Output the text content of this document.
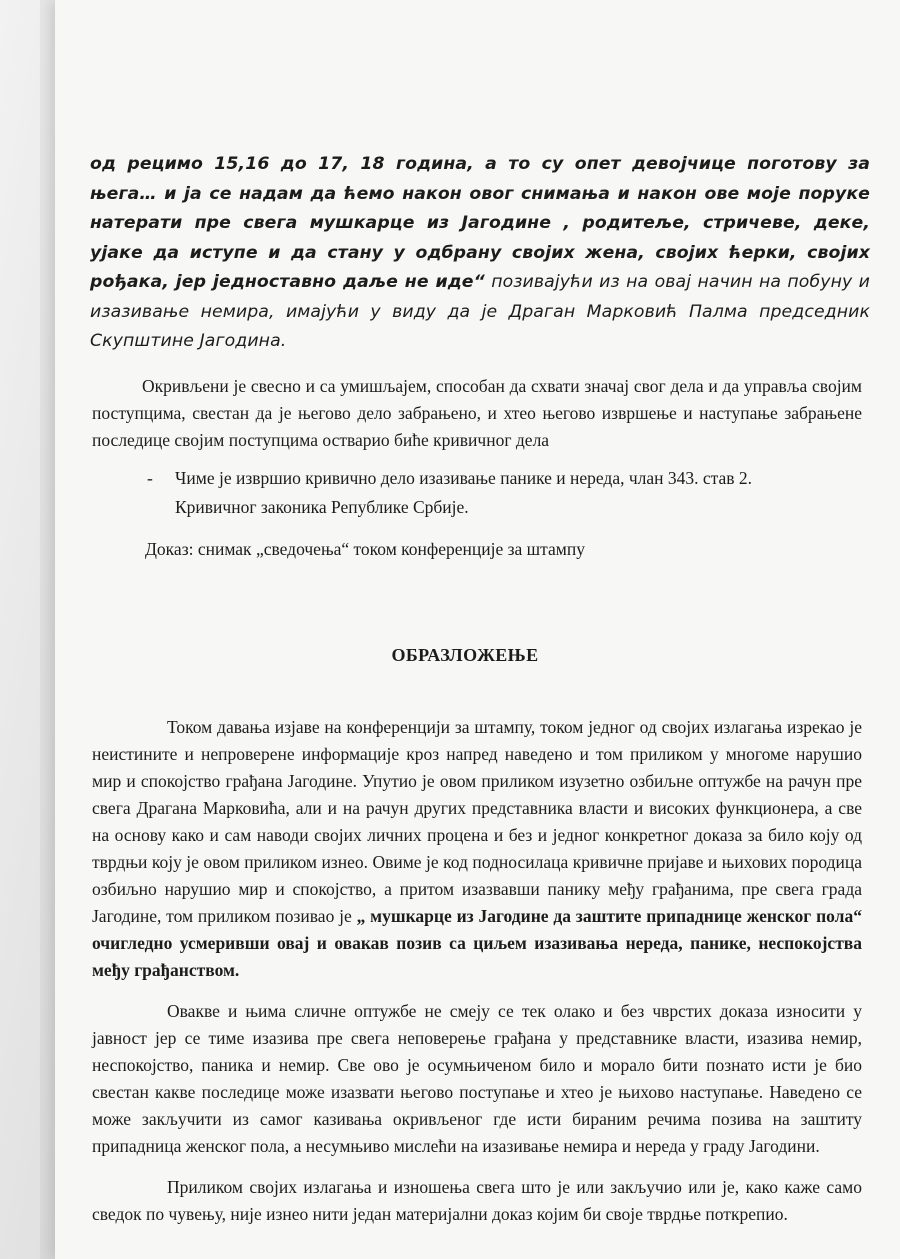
од рецимо 15,16 до 17, 18 година, а то су опет девојчице поготову за њега… и ја се надам да ћемо након овог снимања и након ове моје поруке натерати пре свега мушкарце из Јагодине , родитеље, стричеве, деке, ујаке да иступе и да стану у одбрану својих жена, својих ћерки, својих рођака, јер једноставно даље не иде“ позивајући из на овај начин на побуну и изазивање немира, имајући у виду да је Драган Марковић Палма председник Скупштине Јагодина.
Окривљени је свесно и са умишљајем, способан да схвати значај свог дела и да управља својим поступцима, свестан да је његово дело забрањено, и хтео његово извршење и наступање забрањене последице својим поступцима остварио биће кривичног дела
- Чиме је извршио кривично дело изазивање панике и нереда, члан 343. став 2. Кривичног законика Републике Србије.
Доказ: снимак „сведочења“ током конференције за штампу
ОБРАЗЛОЖЕЊЕ
Током давања изјаве на конференцији за штампу, током једног од својих излагања изрекао је неистините и непроверене информације кроз напред наведено и том приликом у многоме нарушио мир и спокојство грађана Јагодине. Упутио је овом приликом изузетно озбиљне оптужбе на рачун пре свега Драгана Марковића, али и на рачун других представника власти и високих функционера, а све на основу како и сам наводи својих личних процена и без и једног конкретног доказа за било коју од тврдњи коју је овом приликом изнео. Овиме је код подносилаца кривичне пријаве и њихових породица озбиљно нарушио мир и спокојство, а притом изазвавши панику међу грађанима, пре свега града Јагодине, том приликом позивао је „ мушкарце из Јагодине да заштите припаднице женског пола“ очигледно усмеривши овај и овакав позив са циљем изазивања нереда, панике, неспокојства међу грађанством.
Овакве и њима сличне оптужбе не смеју се тек олако и без чврстих доказа износити у јавност јер се тиме изазива пре свега неповерење грађана у представнике власти, изазива немир, неспокојство, паника и немир. Све ово је осумњиченом било и морало бити познато исти је био свестан какве последице може изазвати његово поступање и хтео је њихово наступање. Наведено се може закључити из самог казивања окривљеног где исти бираним речима позива на заштиту припадница женског пола, а несумњиво мислећи на изазивање немира и нереда у граду Јагодини.
Приликом својих излагања и изношења свега што је или закључио или је, како каже само сведок по чувењу, није изнео нити један материјални доказ којим би своје тврдње поткрепио.
